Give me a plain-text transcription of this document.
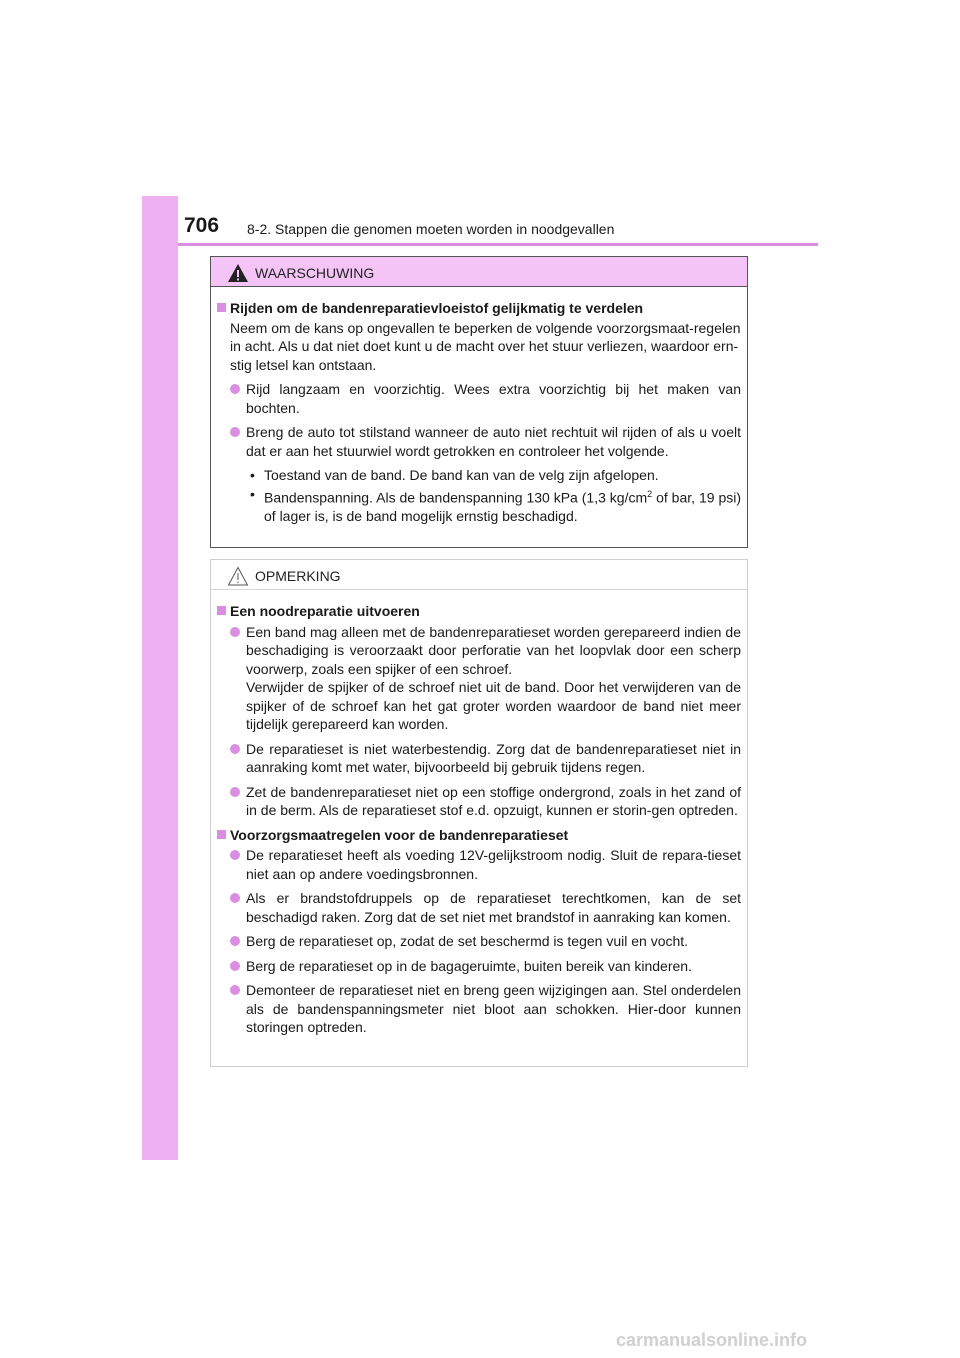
706 8-2. Stappen die genomen moeten worden in noodgevallen
WAARSCHUWING
Rijden om de bandenreparatievloeistof gelijkmatig te verdelen
Neem om de kans op ongevallen te beperken de volgende voorzorgsmaat-regelen in acht. Als u dat niet doet kunt u de macht over het stuur verliezen, waardoor ern-stig letsel kan ontstaan.
Rijd langzaam en voorzichtig. Wees extra voorzichtig bij het maken van bochten.
Breng de auto tot stilstand wanneer de auto niet rechtuit wil rijden of als u voelt dat er aan het stuurwiel wordt getrokken en controleer het volgende.
• Toestand van de band. De band kan van de velg zijn afgelopen.
• Bandenspanning. Als de bandenspanning 130 kPa (1,3 $kg/cm^2$ of bar, 19 psi) of lager is, is de band mogelijk ernstig beschadigd.
OPMERKING
Een noodreparatie uitvoeren
Een band mag alleen met de bandenreparatieset worden gerepareerd indien de beschadiging is veroorzaakt door perforatie van het loopvlak door een scherp voorwerp, zoals een spijker of een schroef.
Verwijder de spijker of de schroef niet uit de band. Door het verwijderen van de spijker of de schroef kan het gat groter worden waardoor de band niet meer tijdelijk gerepareerd kan worden.
De reparatieset is niet waterbestendig. Zorg dat de bandenreparatieset niet in aanraking komt met water, bijvoorbeeld bij gebruik tijdens regen.
Zet de bandenreparatieset niet op een stoffige ondergrond, zoals in het zand of in de berm. Als de reparatieset stof e.d. opzuigt, kunnen er storin-gen optreden.
Voorzorgsmaatregelen voor de bandenreparatieset
De reparatieset heeft als voeding 12V-gelijkstroom nodig. Sluit de repara-tieset niet aan op andere voedingsbronnen.
Als er brandstofdruppels op de reparatieset terechtkomen, kan de set beschadigd raken. Zorg dat de set niet met brandstof in aanraking kan komen.
Berg de reparatieset op, zodat de set beschermd is tegen vuil en vocht.
Berg de reparatieset op in de bagageruimte, buiten bereik van kinderen.
Demonteer de reparatieset niet en breng geen wijzigingen aan. Stel onderdelen als de bandenspanningsmeter niet bloot aan schokken. Hier-door kunnen storingen optreden.
carmanualsonline.info
